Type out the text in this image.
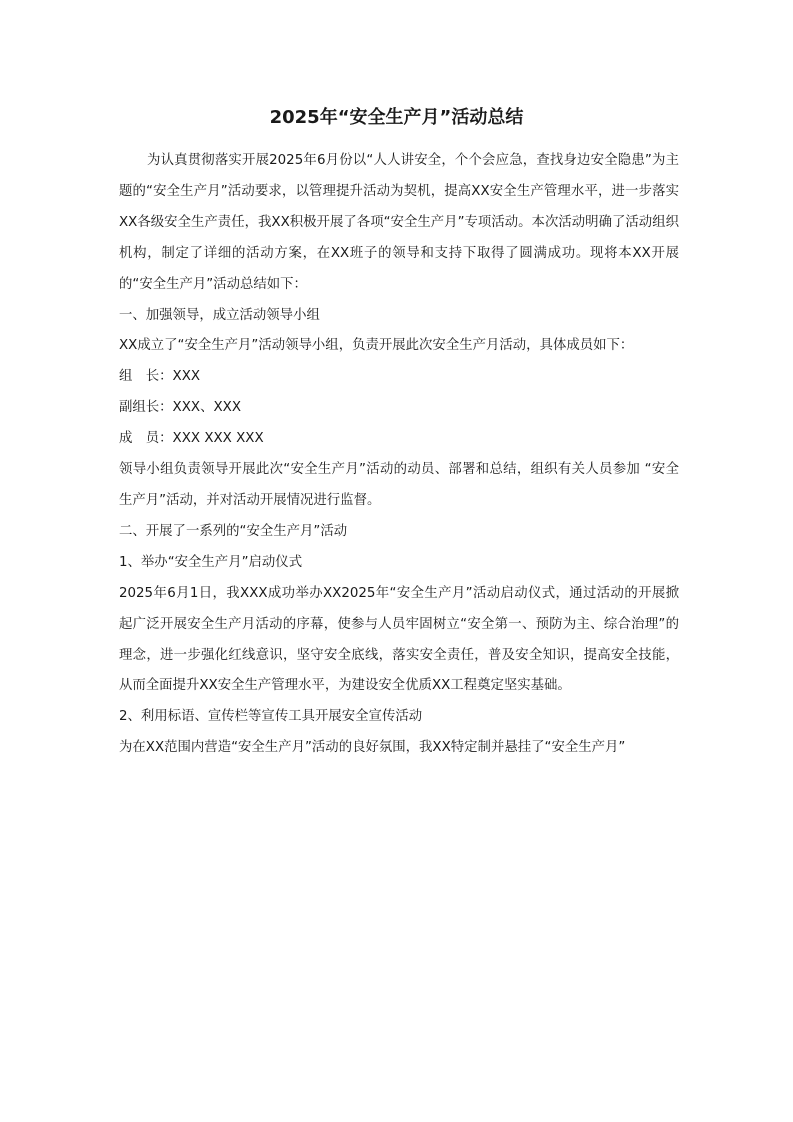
2025年“安全生产月”活动总结

为认真贯彻落实开展2025年6月份以“人人讲安全，个个会应急，查找身边安全隐患”为主题的“安全生产月”活动要求，以管理提升活动为契机，提高XX安全生产管理水平，进一步落实XX各级安全生产责任，我XX积极开展了各项“安全生产月”专项活动。本次活动明确了活动组织机构，制定了详细的活动方案，在XX班子的领导和支持下取得了圆满成功。现将本XX开展的“安全生产月”活动总结如下：

一、加强领导，成立活动领导小组

XX成立了“安全生产月”活动领导小组，负责开展此次安全生产月活动，具体成员如下：

组　长：XXX

副组长：XXX、XXX

成　员：XXX XXX XXX

领导小组负责领导开展此次“安全生产月”活动的动员、部署和总结，组织有关人员参加 “安全生产月”活动，并对活动开展情况进行监督。

二、开展了一系列的“安全生产月”活动

1、举办“安全生产月”启动仪式

2025年6月1日，我XXX成功举办XX2025年“安全生产月”活动启动仪式，通过活动的开展掀起广泛开展安全生产月活动的序幕，使参与人员牢固树立“安全第一、预防为主、综合治理”的理念，进一步强化红线意识，坚守安全底线，落实安全责任，普及安全知识，提高安全技能，从而全面提升XX安全生产管理水平，为建设安全优质XX工程奠定坚实基础。

2、利用标语、宣传栏等宣传工具开展安全宣传活动

为在XX范围内营造“安全生产月”活动的良好氛围，我XX特定制并悬挂了“安全生产月”
